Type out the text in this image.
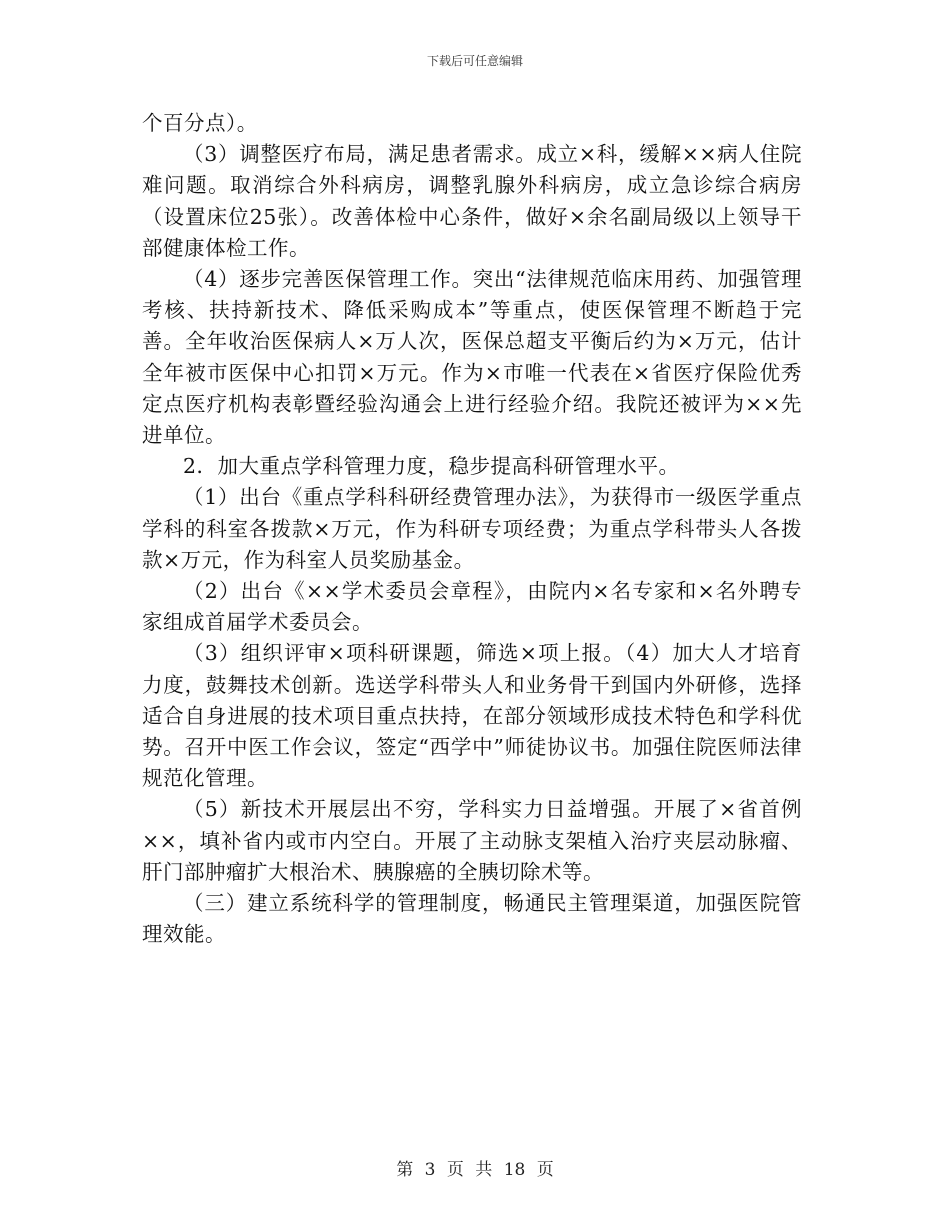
下载后可任意编辑

个百分点）。

（3）调整医疗布局，满足患者需求。成立×科，缓解××病人住院难问题。取消综合外科病房，调整乳腺外科病房，成立急诊综合病房（设置床位25张）。改善体检中心条件，做好×余名副局级以上领导干部健康体检工作。

（4）逐步完善医保管理工作。突出“法律规范临床用药、加强管理考核、扶持新技术、降低采购成本”等重点，使医保管理不断趋于完善。全年收治医保病人×万人次，医保总超支平衡后约为×万元，估计全年被市医保中心扣罚×万元。作为×市唯一代表在×省医疗保险优秀定点医疗机构表彰暨经验沟通会上进行经验介绍。我院还被评为××先进单位。

2．加大重点学科管理力度，稳步提高科研管理水平。

（1）出台《重点学科科研经费管理办法》，为获得市一级医学重点学科的科室各拨款×万元，作为科研专项经费；为重点学科带头人各拨款×万元，作为科室人员奖励基金。

（2）出台《××学术委员会章程》，由院内×名专家和×名外聘专家组成首届学术委员会。

（3）组织评审×项科研课题，筛选×项上报。（4）加大人才培育力度，鼓舞技术创新。选送学科带头人和业务骨干到国内外研修，选择适合自身进展的技术项目重点扶持，在部分领域形成技术特色和学科优势。召开中医工作会议，签定“西学中”师徒协议书。加强住院医师法律规范化管理。

（5）新技术开展层出不穷，学科实力日益增强。开展了×省首例××，填补省内或市内空白。开展了主动脉支架植入治疗夹层动脉瘤、肝门部肿瘤扩大根治术、胰腺癌的全胰切除术等。

（三）建立系统科学的管理制度，畅通民主管理渠道，加强医院管理效能。

第 3 页 共 18 页
